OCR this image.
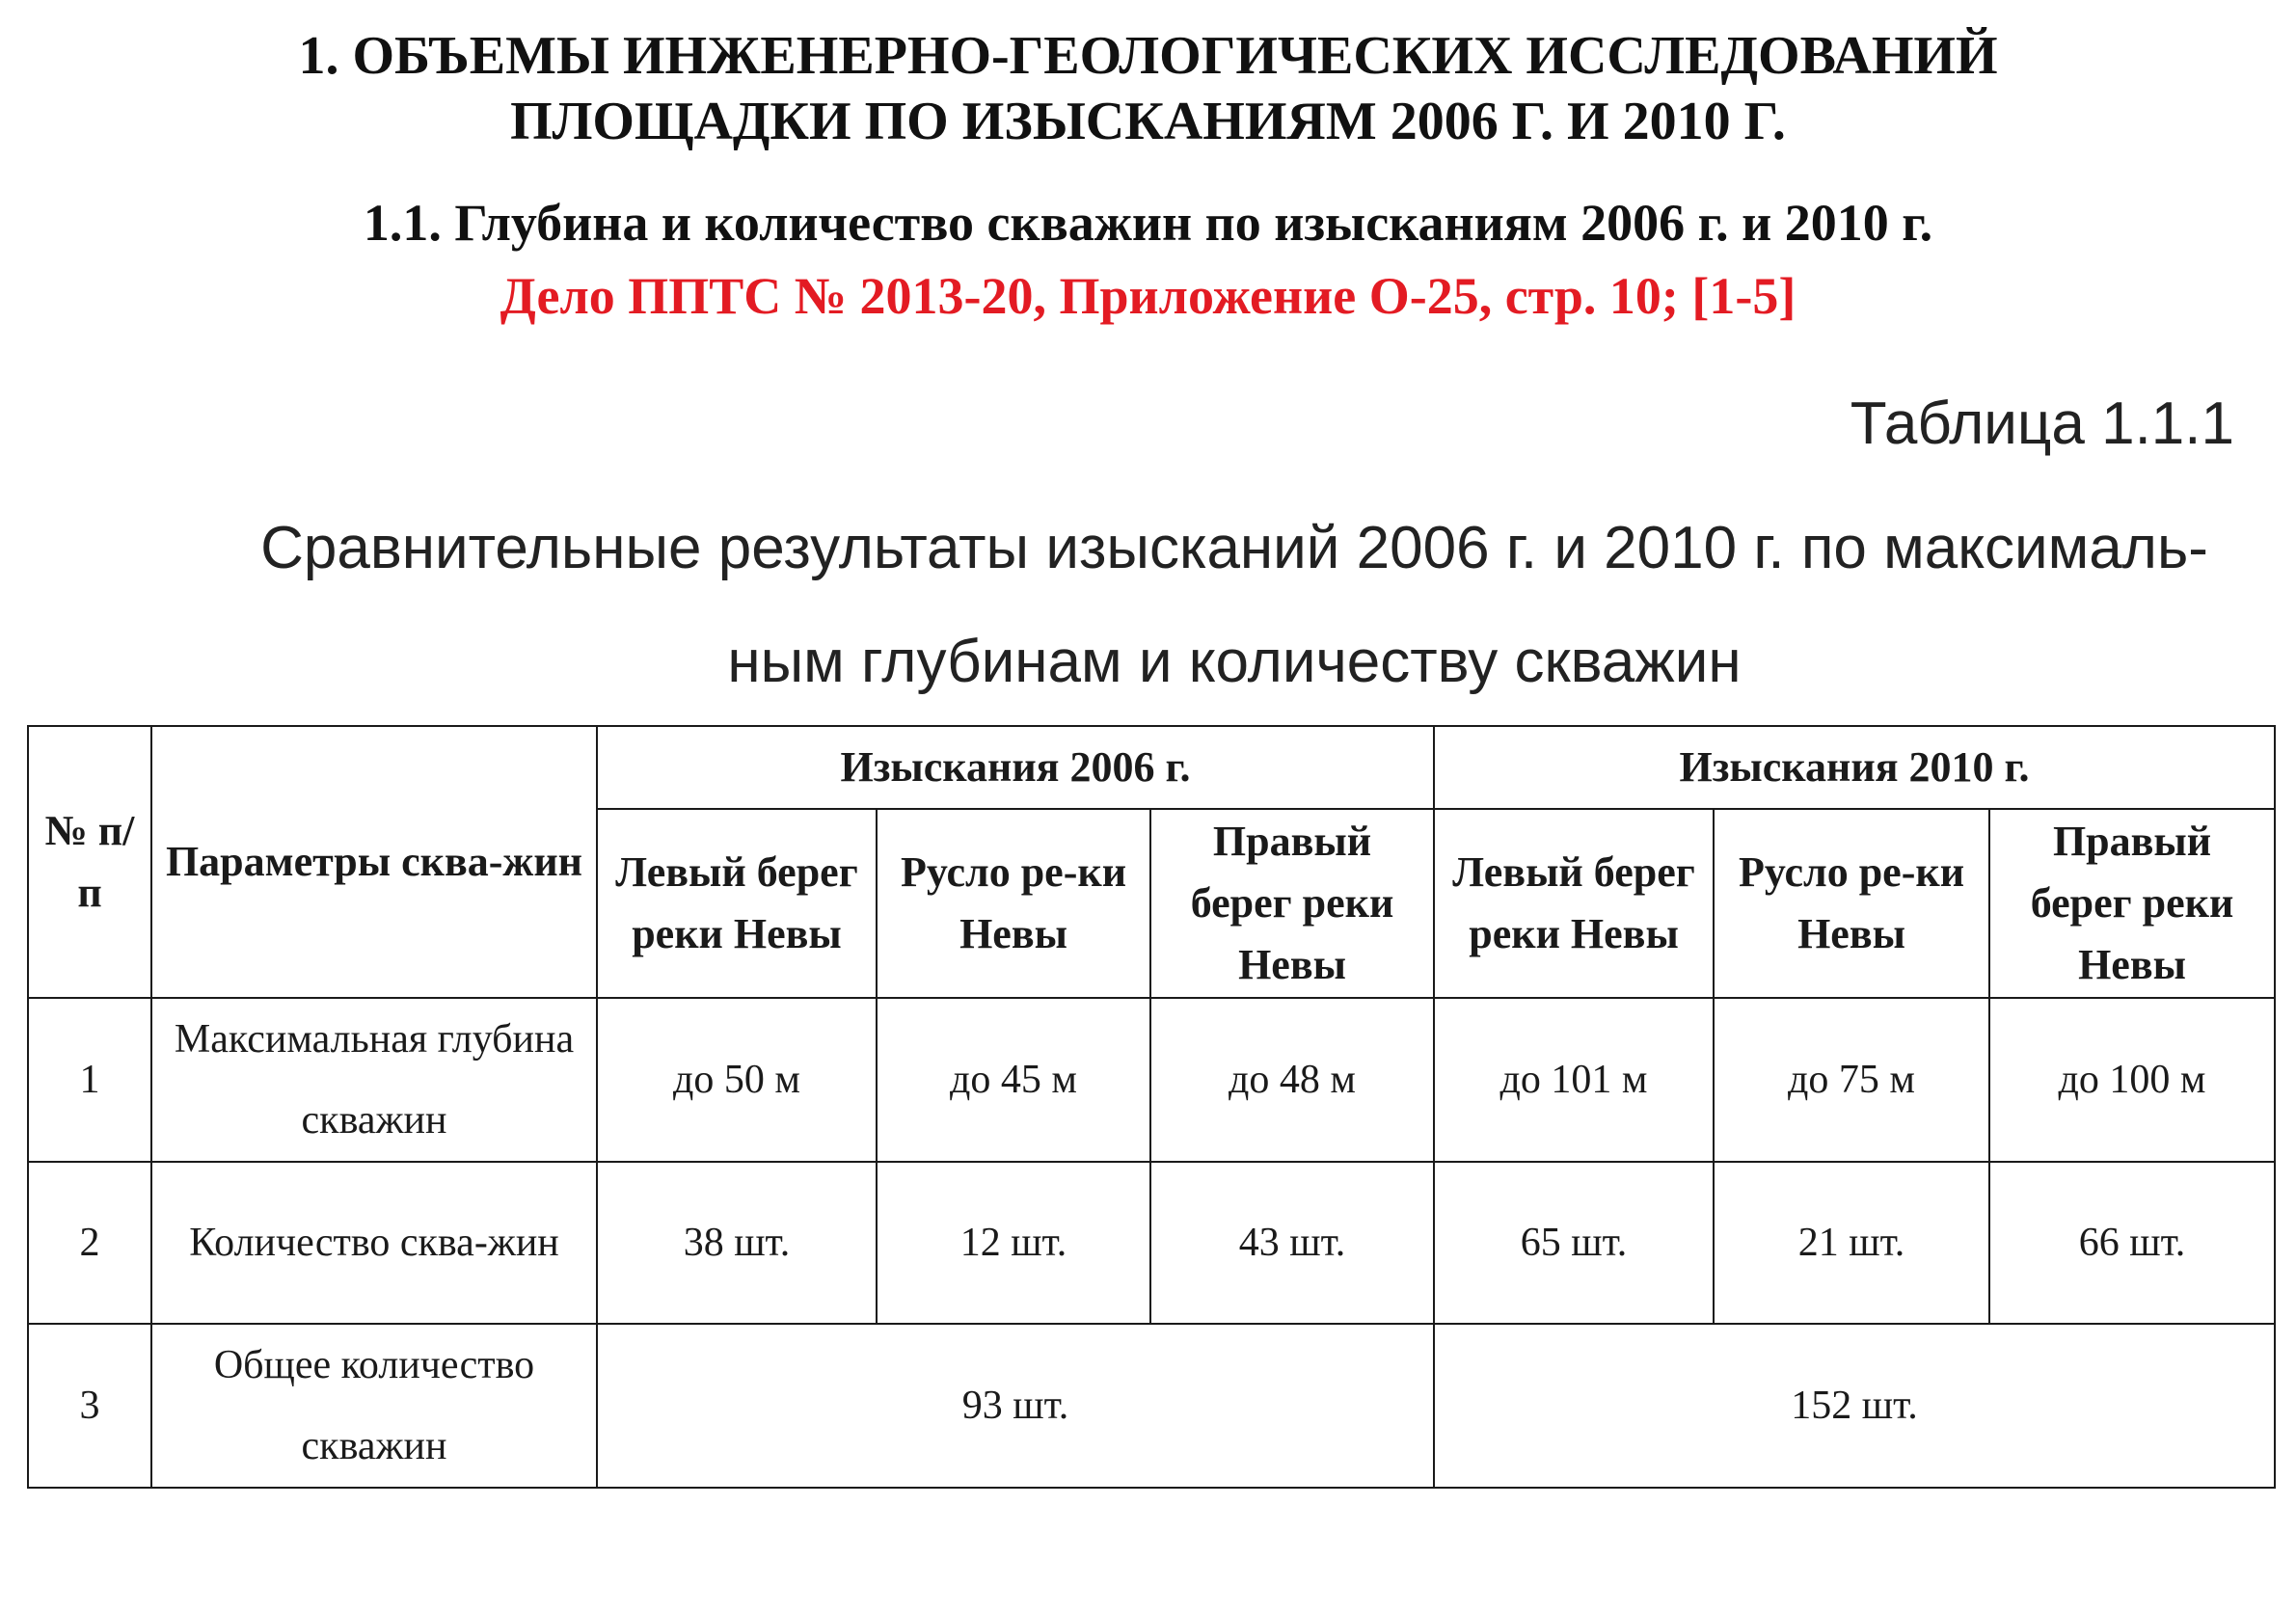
1. ОБЪЕМЫ ИНЖЕНЕРНО-ГЕОЛОГИЧЕСКИХ ИССЛЕДОВАНИЙ
ПЛОЩАДКИ ПО ИЗЫСКАНИЯМ 2006 Г. И 2010 Г.
1.1. Глубина и количество скважин по изысканиям 2006 г. и 2010 г.
Дело ППТС № 2013-20, Приложение О-25, стр. 10; [1-5]
Таблица 1.1.1
Сравнительные результаты изысканий 2006 г. и 2010 г. по максималь-
ным глубинам и количеству скважин
№ п/п	Параметры сква-жин	Изыскания 2006 г.			Изыскания 2010 г.		
		Левый берег реки Невы	Русло ре-ки Невы	Правый берег реки Невы	Левый берег реки Невы	Русло ре-ки Невы	Правый берег реки Невы
1	Максимальная глубина скважин	до 50 м	до 45 м	до 48 м	до 101 м	до 75 м	до 100 м
2	Количество сква-жин	38 шт.	12 шт.	43 шт.	65 шт.	21 шт.	66 шт.
3	Общее количество скважин	93 шт.			152 шт.		
